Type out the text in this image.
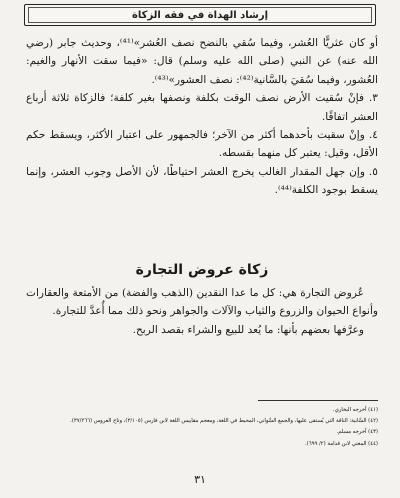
إرشاد الهداة في فقه الزكاة

أو كان عثريًّا العُشر، وفيما سُقي بالنضح نصف العُشر»⁽⁴¹⁾، وحديث جابر (رضي الله عنه) عن النبي (صلى الله عليه وسلم) قال: «فيما سقت الأنهار والغيم: العُشور، وفيما سُقيَ بالسَّانية⁽⁴²⁾: نصف العشور»⁽⁴³⁾.

٣. فإنْ سُقيت الأرض نصف الوقت بكلفة ونصفها بغير كلفة؛ فالزكاة ثلاثة أرباع العشر اتفاقًا.

٤. وإنْ سقيت بأحدهما أكثر من الآخر؛ فالجمهور على اعتبار الأكثر، ويسقط حكم الأقل، وقيل: يعتبر كل منهما بقسطه.

٥. وإن جهل المقدار الغالب يخرج العشر احتياطًا، لأن الأصل وجوب العشر، وإنما يسقط بوجود الكلفة⁽⁴⁴⁾.

زكاة عروض التجارة

عُروض التجارة هي: كل ما عدا النقدين (الذهب والفضة) من الأمتعة والعقارات وأنواع الحيوان والزروع والثياب والآلات والجواهر ونحو ذلك مما أُعدَّ للتجارة.

وعرَّفها بعضهم بأنها: ما يُعد للبيع والشراء بقصد الربح.

(٤١) أخرجه البخاري.
(٤٢) السَّانية: الناقة التي يُستقى عليها، والجمع السَّواني، المحيط في اللغة، ومعجم مقاييس اللغة لابن فارس (٣/١٠٥)، وتاج العروس (٣٧/٢٦٦).
(٤٣) أخرجه مسلم.
(٤٤) المغني لابن قدامة (٢/ ٦٩٩).
٣١
